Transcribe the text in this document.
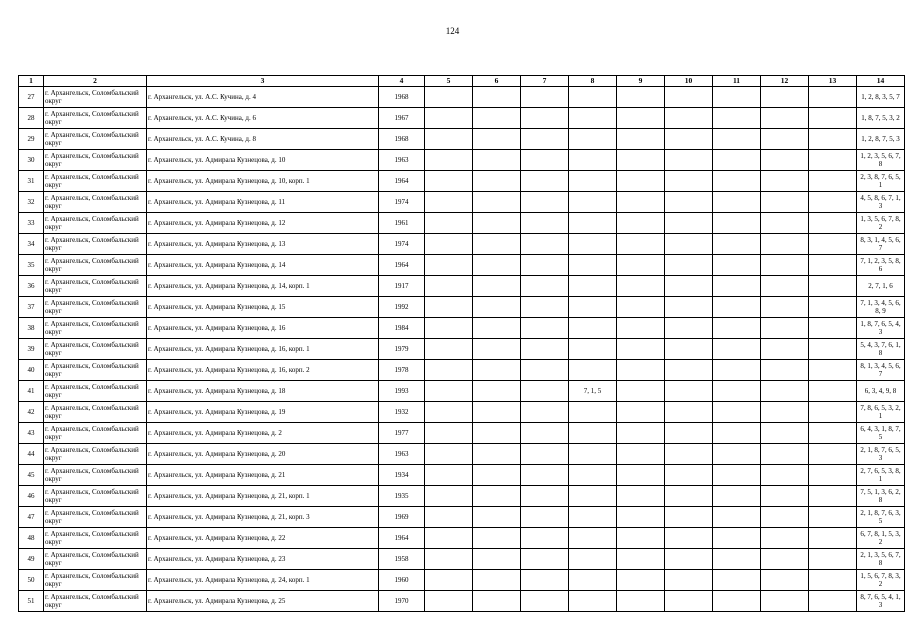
124
1	2	3	4	5	6	7	8	9	10	11	12	13	14
27	г. Архангельск, Соломбальский округ	г. Архангельск, ул. А.С. Кучина, д. 4	1968										1, 2, 8, 3, 5, 7
28	г. Архангельск, Соломбальский округ	г. Архангельск, ул. А.С. Кучина, д. 6	1967										1, 8, 7, 5, 3, 2
29	г. Архангельск, Соломбальский округ	г. Архангельск, ул. А.С. Кучина, д. 8	1968										1, 2, 8, 7, 5, 3
30	г. Архангельск, Соломбальский округ	г. Архангельск, ул. Адмирала Кузнецова, д. 10	1963										1, 2, 3, 5, 6, 7, 8
31	г. Архангельск, Соломбальский округ	г. Архангельск, ул. Адмирала Кузнецова, д. 10, корп. 1	1964										2, 3, 8, 7, 6, 5, 1
32	г. Архангельск, Соломбальский округ	г. Архангельск, ул. Адмирала Кузнецова, д. 11	1974										4, 5, 8, 6, 7, 1, 3
33	г. Архангельск, Соломбальский округ	г. Архангельск, ул. Адмирала Кузнецова, д. 12	1961										1, 3, 5, 6, 7, 8, 2
34	г. Архангельск, Соломбальский округ	г. Архангельск, ул. Адмирала Кузнецова, д. 13	1974										8, 3, 1, 4, 5, 6, 7
35	г. Архангельск, Соломбальский округ	г. Архангельск, ул. Адмирала Кузнецова, д. 14	1964										7, 1, 2, 3, 5, 8, 6
36	г. Архангельск, Соломбальский округ	г. Архангельск, ул. Адмирала Кузнецова, д. 14, корп. 1	1917										2, 7, 1, 6
37	г. Архангельск, Соломбальский округ	г. Архангельск, ул. Адмирала Кузнецова, д. 15	1992										7, 1, 3, 4, 5, 6, 8, 9
38	г. Архангельск, Соломбальский округ	г. Архангельск, ул. Адмирала Кузнецова, д. 16	1984										1, 8, 7, 6, 5, 4, 3
39	г. Архангельск, Соломбальский округ	г. Архангельск, ул. Адмирала Кузнецова, д. 16, корп. 1	1979										5, 4, 3, 7, 6, 1, 8
40	г. Архангельск, Соломбальский округ	г. Архангельск, ул. Адмирала Кузнецова, д. 16, корп. 2	1978										8, 1, 3, 4, 5, 6, 7
41	г. Архангельск, Соломбальский округ	г. Архангельск, ул. Адмирала Кузнецова, д. 18	1993				7, 1, 5						6, 3, 4, 9, 8
42	г. Архангельск, Соломбальский округ	г. Архангельск, ул. Адмирала Кузнецова, д. 19	1932										7, 8, 6, 5, 3, 2, 1
43	г. Архангельск, Соломбальский округ	г. Архангельск, ул. Адмирала Кузнецова, д. 2	1977										6, 4, 3, 1, 8, 7, 5
44	г. Архангельск, Соломбальский округ	г. Архангельск, ул. Адмирала Кузнецова, д. 20	1963										2, 1, 8, 7, 6, 5, 3
45	г. Архангельск, Соломбальский округ	г. Архангельск, ул. Адмирала Кузнецова, д. 21	1934										2, 7, 6, 5, 3, 8, 1
46	г. Архангельск, Соломбальский округ	г. Архангельск, ул. Адмирала Кузнецова, д. 21, корп. 1	1935										7, 5, 1, 3, 6, 2, 8
47	г. Архангельск, Соломбальский округ	г. Архангельск, ул. Адмирала Кузнецова, д. 21, корп. 3	1969										2, 1, 8, 7, 6, 3, 5
48	г. Архангельск, Соломбальский округ	г. Архангельск, ул. Адмирала Кузнецова, д. 22	1964										6, 7, 8, 1, 5, 3, 2
49	г. Архангельск, Соломбальский округ	г. Архангельск, ул. Адмирала Кузнецова, д. 23	1958										2, 1, 3, 5, 6, 7, 8
50	г. Архангельск, Соломбальский округ	г. Архангельск, ул. Адмирала Кузнецова, д. 24, корп. 1	1960										1, 5, 6, 7, 8, 3, 2
51	г. Архангельск, Соломбальский округ	г. Архангельск, ул. Адмирала Кузнецова, д. 25	1970										8, 7, 6, 5, 4, 1, 3
